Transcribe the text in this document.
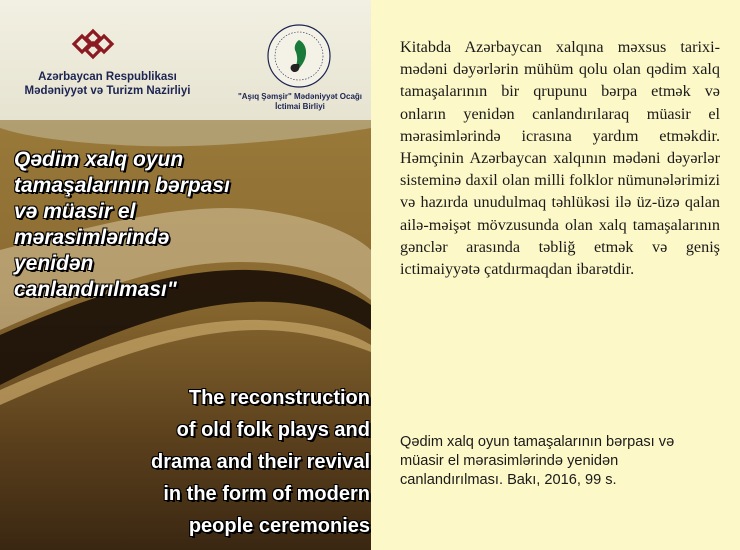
Azərbaycan Respublikası
Mədəniyyət və Turizm Nazirliyi	"Aşıq Şəmşir" Mədəniyyət Ocağı
İctimai Birliyi
Qədim xalq oyun
tamaşalarının bərpası
və müasir el
mərasimlərində
yenidən
canlandırılması"
The reconstruction
of old folk plays and
drama and their revival
in the form of modern
people ceremonies

Kitabda Azərbaycan xalqına məxsus tarixi-mədəni dəyərlərin mühüm qolu olan qədim xalq tamaşalarının bir qrupunu bərpa etmək və onların yenidən canlandırılaraq müasir el mərasimlərində icrasına yardım etməkdir. Həmçinin Azərbaycan xalqının mədəni dəyərlər sisteminə daxil olan milli folklor nümunələrimizi və hazırda unudulmaq təhlükəsi ilə üz-üzə qalan ailə-məişət mövzusunda olan xalq tamaşalarının gənclər arasında təbliğ etmək və geniş ictimaiyyətə çatdırmaqdan ibarətdir.

Qədim xalq oyun tamaşalarının bərpası və müasir el mərasimlərində yenidən canlandırılması. Bakı, 2016, 99 s.
